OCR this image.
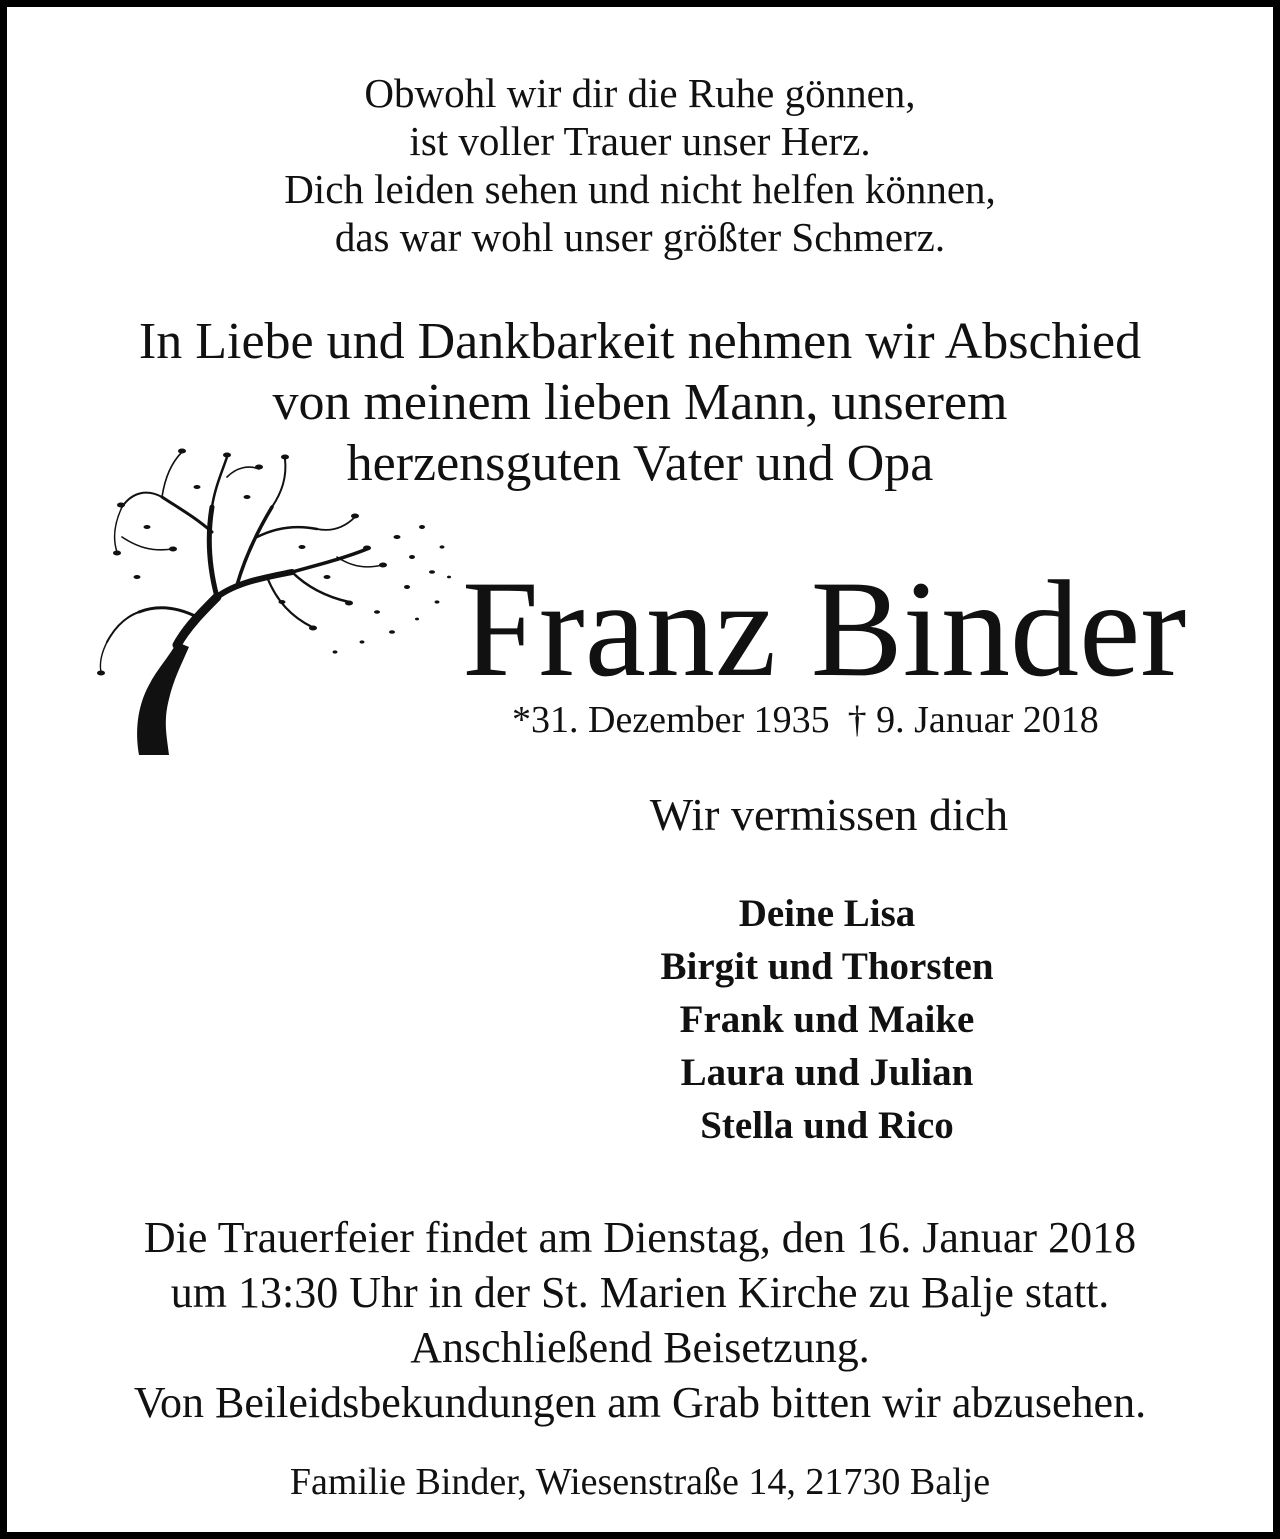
Obwohl wir dir die Ruhe gönnen,
ist voller Trauer unser Herz.
Dich leiden sehen und nicht helfen können,
das war wohl unser größter Schmerz.
In Liebe und Dankbarkeit nehmen wir Abschied
von meinem lieben Mann, unserem
herzensguten Vater und Opa
Franz Binder
*31. Dezember 1935 † 9. Januar 2018
Wir vermissen dich
Deine Lisa
Birgit und Thorsten
Frank und Maike
Laura und Julian
Stella und Rico
Die Trauerfeier findet am Dienstag, den 16. Januar 2018
um 13:30 Uhr in der St. Marien Kirche zu Balje statt.
Anschließend Beisetzung.
Von Beileidsbekundungen am Grab bitten wir abzusehen.
Familie Binder, Wiesenstraße 14, 21730 Balje
